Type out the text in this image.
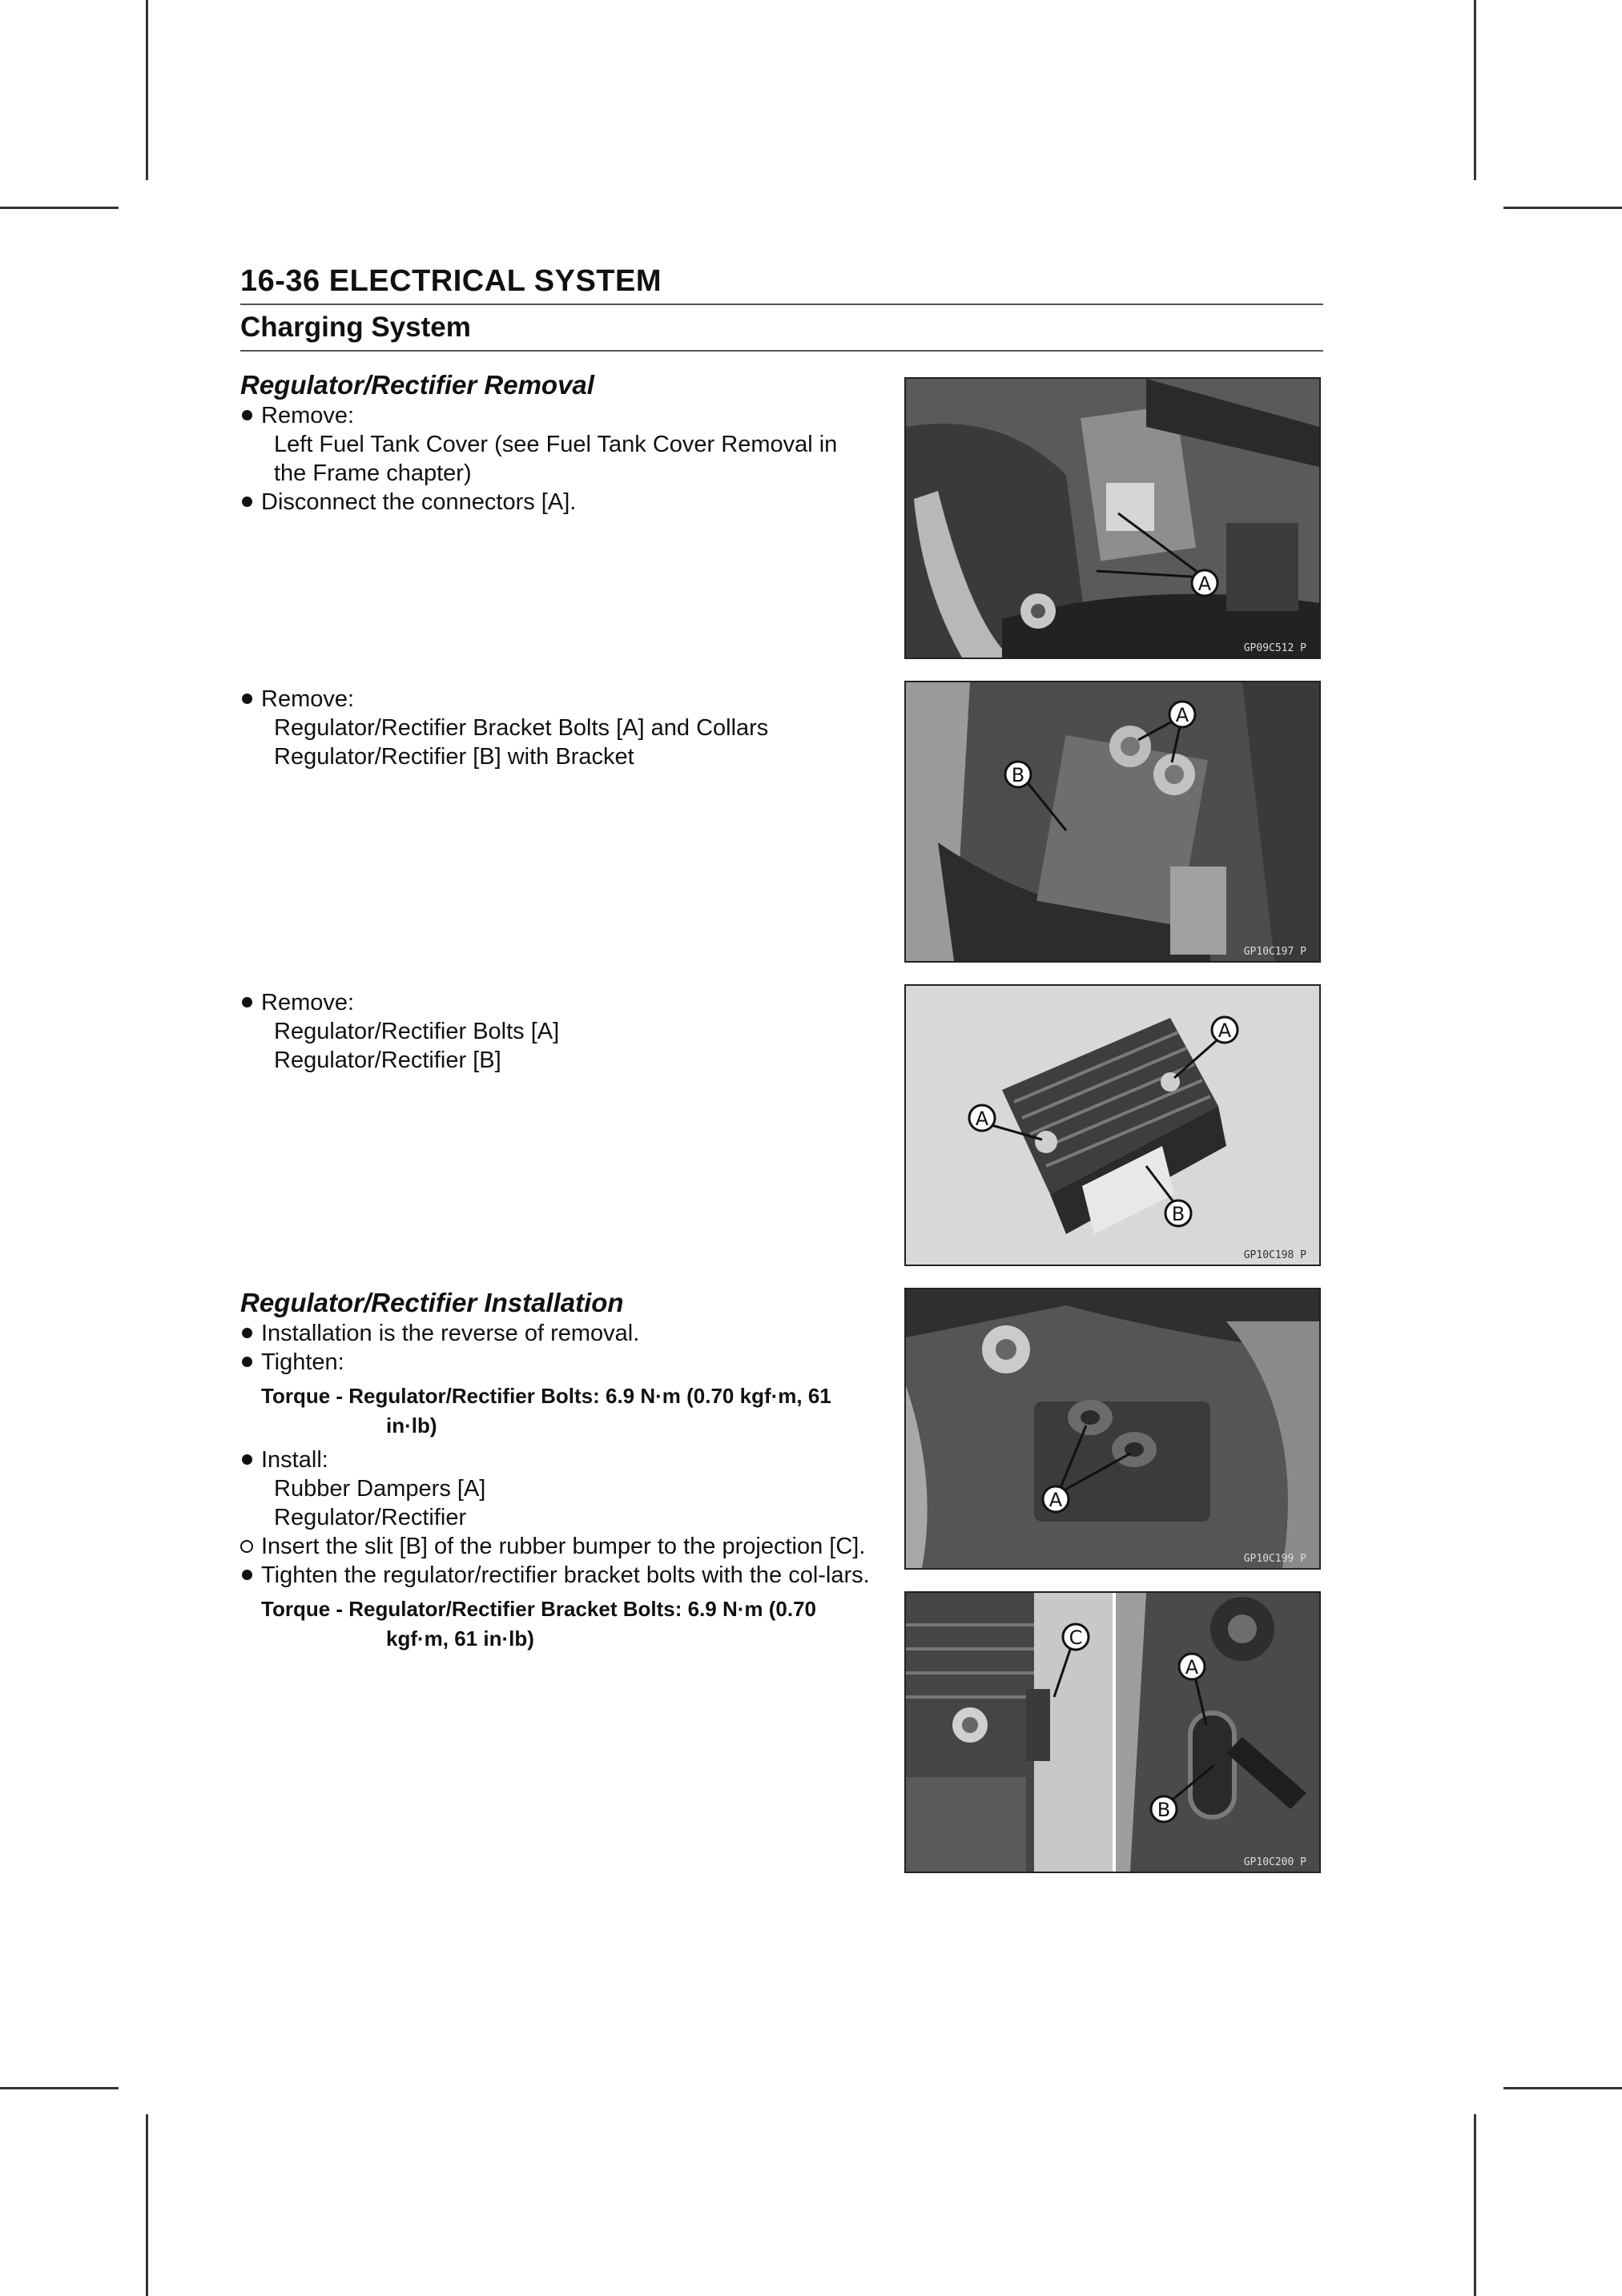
16-36 ELECTRICAL SYSTEM
Charging System

Regulator/Rectifier Removal

Remove:

Left Fuel Tank Cover (see Fuel Tank Cover Removal in

the Frame chapter)

Disconnect the connectors [A].

Remove:

Regulator/Rectifier Bracket Bolts [A] and Collars

Regulator/Rectifier [B] with Bracket

Remove:

Regulator/Rectifier Bolts [A]

Regulator/Rectifier [B]

Regulator/Rectifier Installation

Installation is the reverse of removal.

Tighten:

Torque - Regulator/Rectifier Bolts: 6.9 N·m (0.70 kgf·m, 61
in·lb)

Install:

Rubber Dampers [A]

Regulator/Rectifier

Insert the slit [B] of the rubber bumper to the projection [C].

Tighten the regulator/rectifier bracket bolts with the col-lars.

Torque - Regulator/Rectifier Bracket Bolts: 6.9 N·m (0.70
kgf·m, 61 in·lb)
A
GP09C512 P
A
B
GP10C197 P
A
A
B
GP10C198 P
A
GP10C199 P
C
A
B
GP10C200 P
